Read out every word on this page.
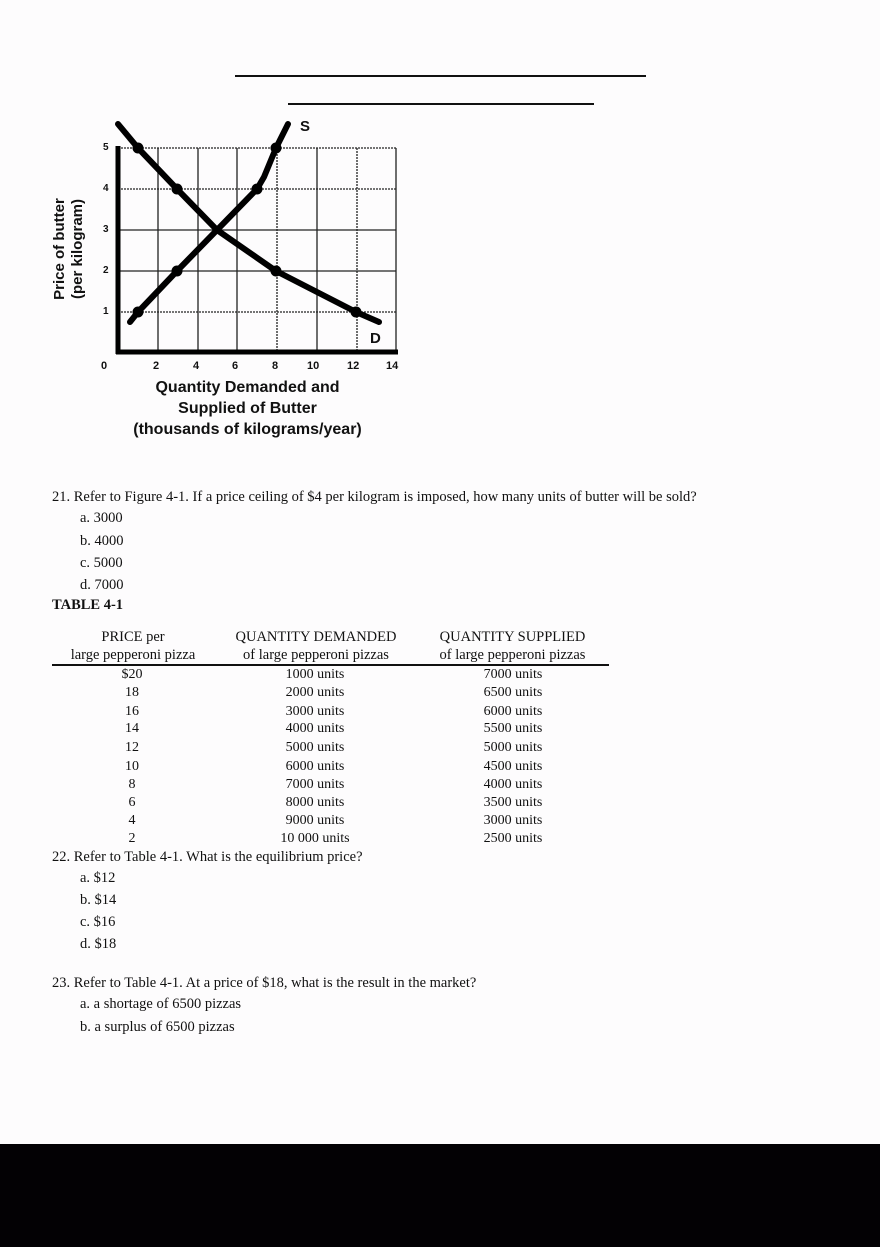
S
D
5
4
3
2
1
0	2	4	6	8	10	12 14
Quantity Demanded and
Supplied of Butter
(thousands of kilograms/year)
Price of butter (per kilogram)
21. Refer to Figure 4-1. If a price ceiling of $4 per kilogram is imposed, how many units of butter will be sold?
a. 3000
b. 4000
c. 5000
d. 7000
TABLE 4-1
PRICE per
large pepperoni pizza
QUANTITY DEMANDED
of large pepperoni pizzas
QUANTITY SUPPLIED
of large pepperoni pizzas
$20	1000 units	7000 units
18	2000 units	6500 units
16	3000 units	6000 units
14	4000 units	5500 units
12	5000 units	5000 units
10	6000 units	4500 units
8	7000 units	4000 units
6	8000 units	3500 units
4	9000 units	3000 units
2	10 000 units	2500 units
22. Refer to Table 4-1. What is the equilibrium price?
a. $12
b. $14
c. $16
d. $18
23. Refer to Table 4-1. At a price of $18, what is the result in the market?
a. a shortage of 6500 pizzas
b. a surplus of 6500 pizzas
